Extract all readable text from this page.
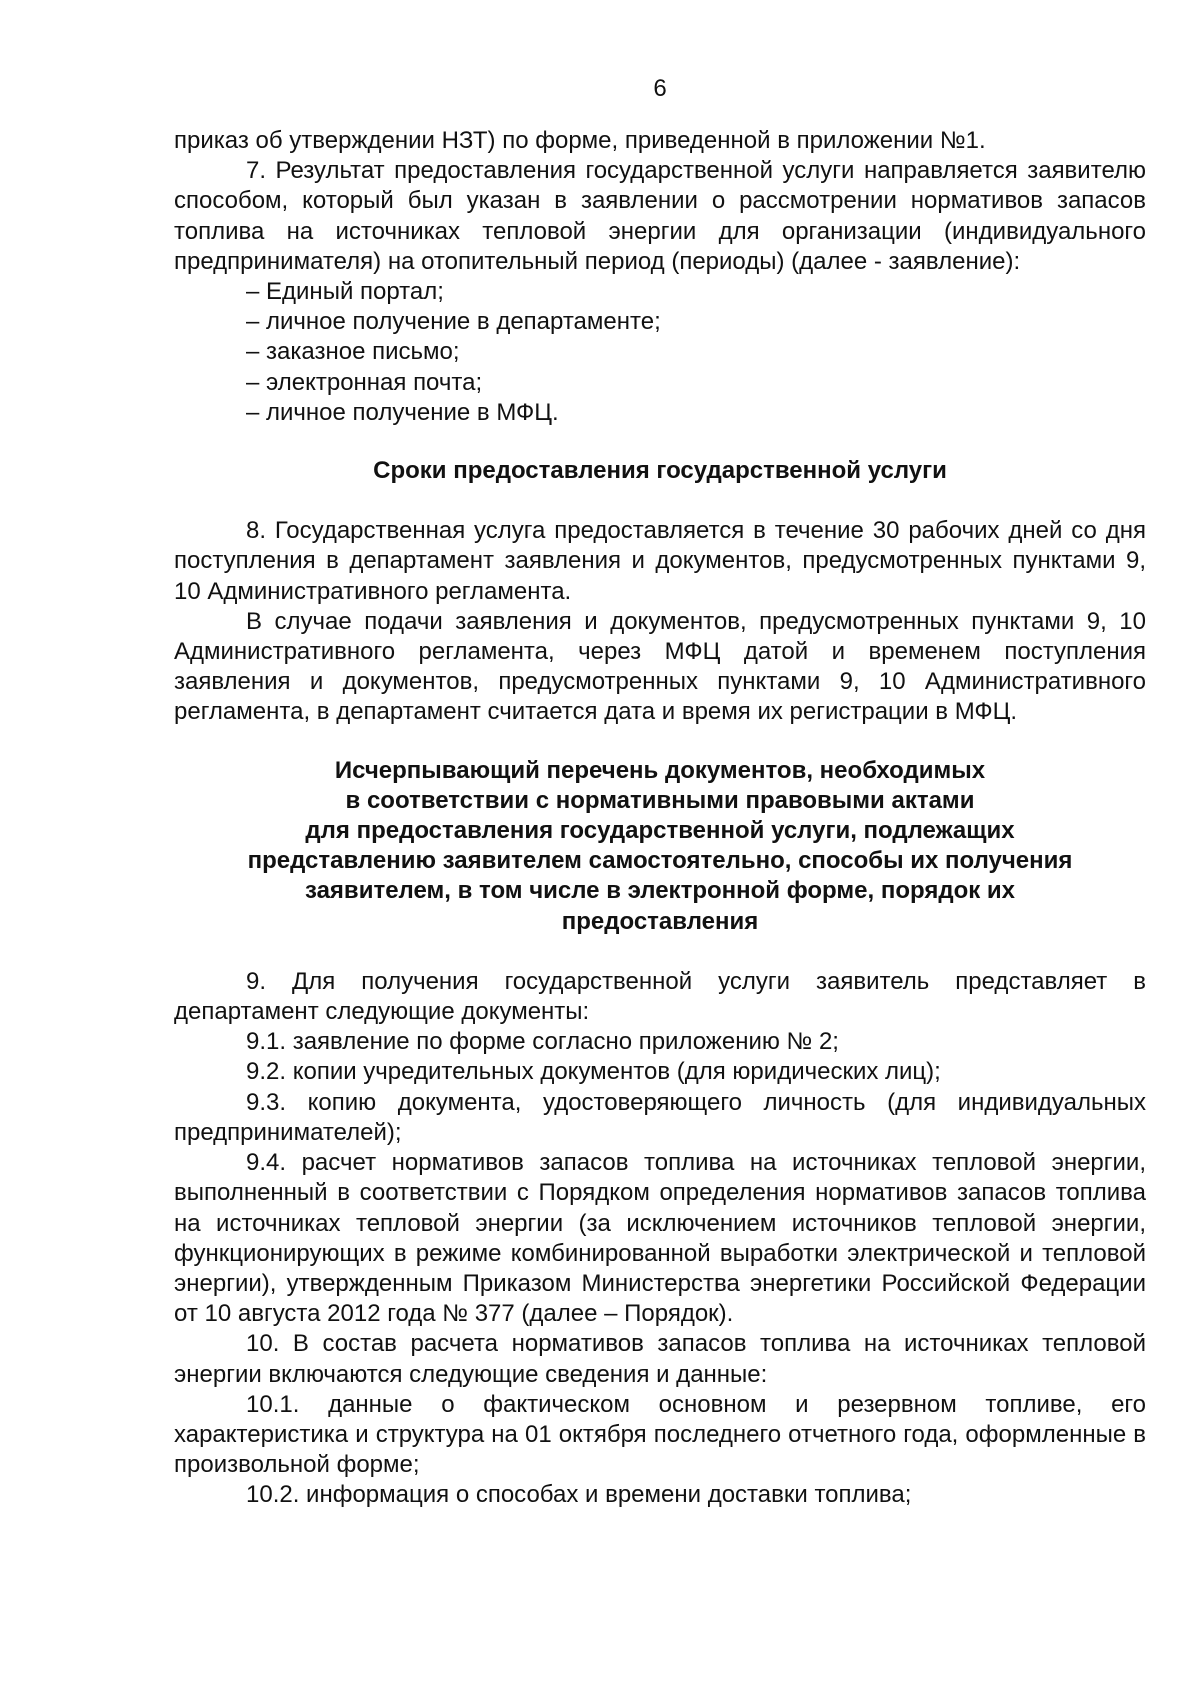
6

приказ об утверждении НЗТ) по форме, приведенной в приложении №1.

7. Результат предоставления государственной услуги направляется заявителю способом, который был указан в заявлении о рассмотрении нормативов запасов топлива на источниках тепловой энергии для организации (индивидуального предпринимателя) на отопительный период (периоды) (далее - заявление):

– Единый портал;

– личное получение в департаменте;

– заказное письмо;

– электронная почта;

– личное получение в МФЦ.

Сроки предоставления государственной услуги

8. Государственная услуга предоставляется в течение 30 рабочих дней со дня поступления в департамент заявления и документов, предусмотренных пунктами 9, 10 Административного регламента.

В случае подачи заявления и документов, предусмотренных пунктами 9, 10 Административного регламента, через МФЦ датой и временем поступления заявления и документов, предусмотренных пунктами 9, 10 Административного регламента, в департамент считается дата и время их регистрации в МФЦ.

Исчерпывающий перечень документов, необходимых

в соответствии с нормативными правовыми актами

для предоставления государственной услуги, подлежащих

представлению заявителем самостоятельно, способы их получения

заявителем, в том числе в электронной форме, порядок их

предоставления

9. Для получения государственной услуги заявитель представляет в департамент следующие документы:

9.1. заявление по форме согласно приложению № 2;

9.2. копии учредительных документов (для юридических лиц);

9.3. копию документа, удостоверяющего личность (для индивидуальных предпринимателей);

9.4. расчет нормативов запасов топлива на источниках тепловой энергии, выполненный в соответствии с Порядком определения нормативов запасов топлива на источниках тепловой энергии (за исключением источников тепловой энергии, функционирующих в режиме комбинированной выработки электрической и тепловой энергии), утвержденным Приказом Министерства энергетики Российской Федерации от 10 августа 2012 года № 377 (далее – Порядок).

10. В состав расчета нормативов запасов топлива на источниках тепловой энергии включаются следующие сведения и данные:

10.1. данные о фактическом основном и резервном топливе, его характеристика и структура на 01 октября последнего отчетного года, оформленные в произвольной форме;

10.2. информация о способах и времени доставки топлива;
